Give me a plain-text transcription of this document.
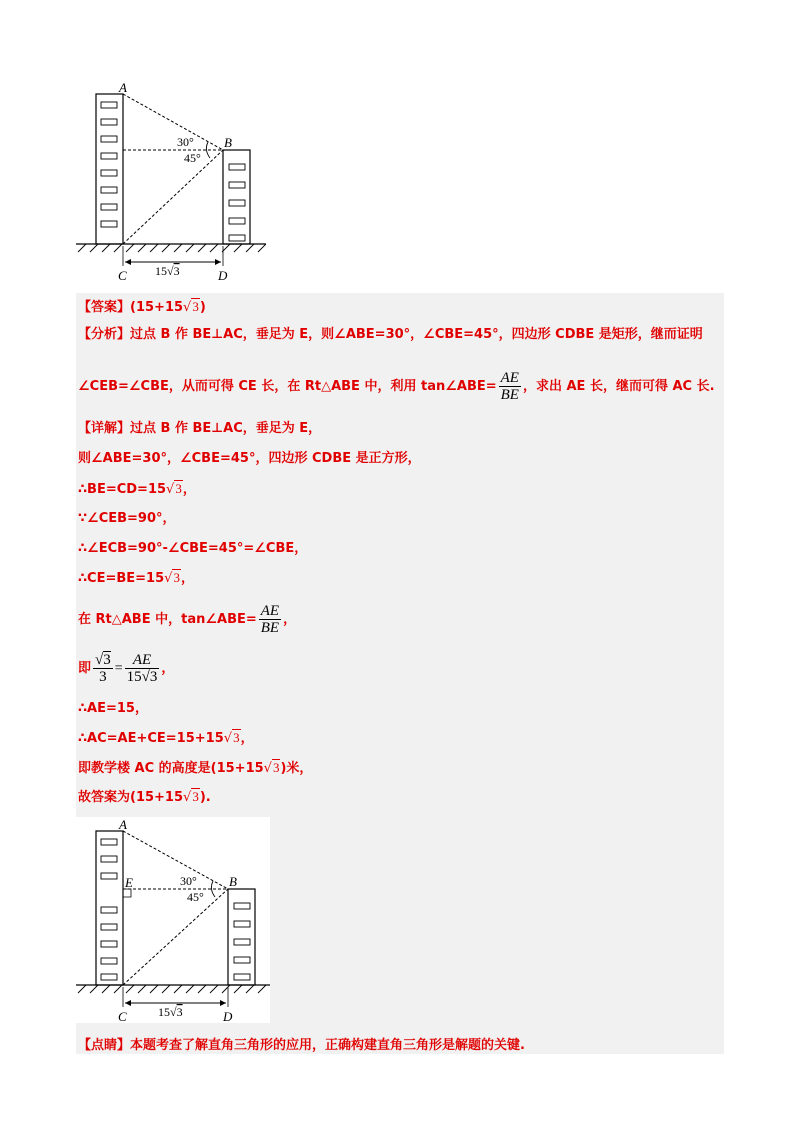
A
B
C	D
30°
45°
15√3
【答案】(15+15√3)
【分析】过点 B 作 BE⊥AC，垂足为 E，则∠ABE=30°，∠CBE=45°，四边形 CDBE 是矩形，继而证明
∠CEB=∠CBE，从而可得 CE 长，在 Rt△ABE 中，利用 tan∠ABE= $\frac{AE}{BE}$ ，求出 AE 长，继而可得 AC 长.
【详解】过点 B 作 BE⊥AC，垂足为 E，
则∠ABE=30°，∠CBE=45°，四边形 CDBE 是正方形，
∴BE=CD=15√3，
∵∠CEB=90°，
∴∠ECB=90°-∠CBE=45°=∠CBE，
∴CE=BE=15√3，
在 Rt△ABE 中，tan∠ABE= $\frac{AE}{BE}$ ，
即 $\frac{√3}{3} = \frac{AE}{15√3}$ ，
∴AE=15，
∴AC=AE+CE=15+15√3，
即教学楼 AC 的高度是(15+15√3)米，
故答案为(15+15√3).
A
B
E
C	D
30°
45°
15√3
【点睛】本题考查了解直角三角形的应用，正确构建直角三角形是解题的关键.
